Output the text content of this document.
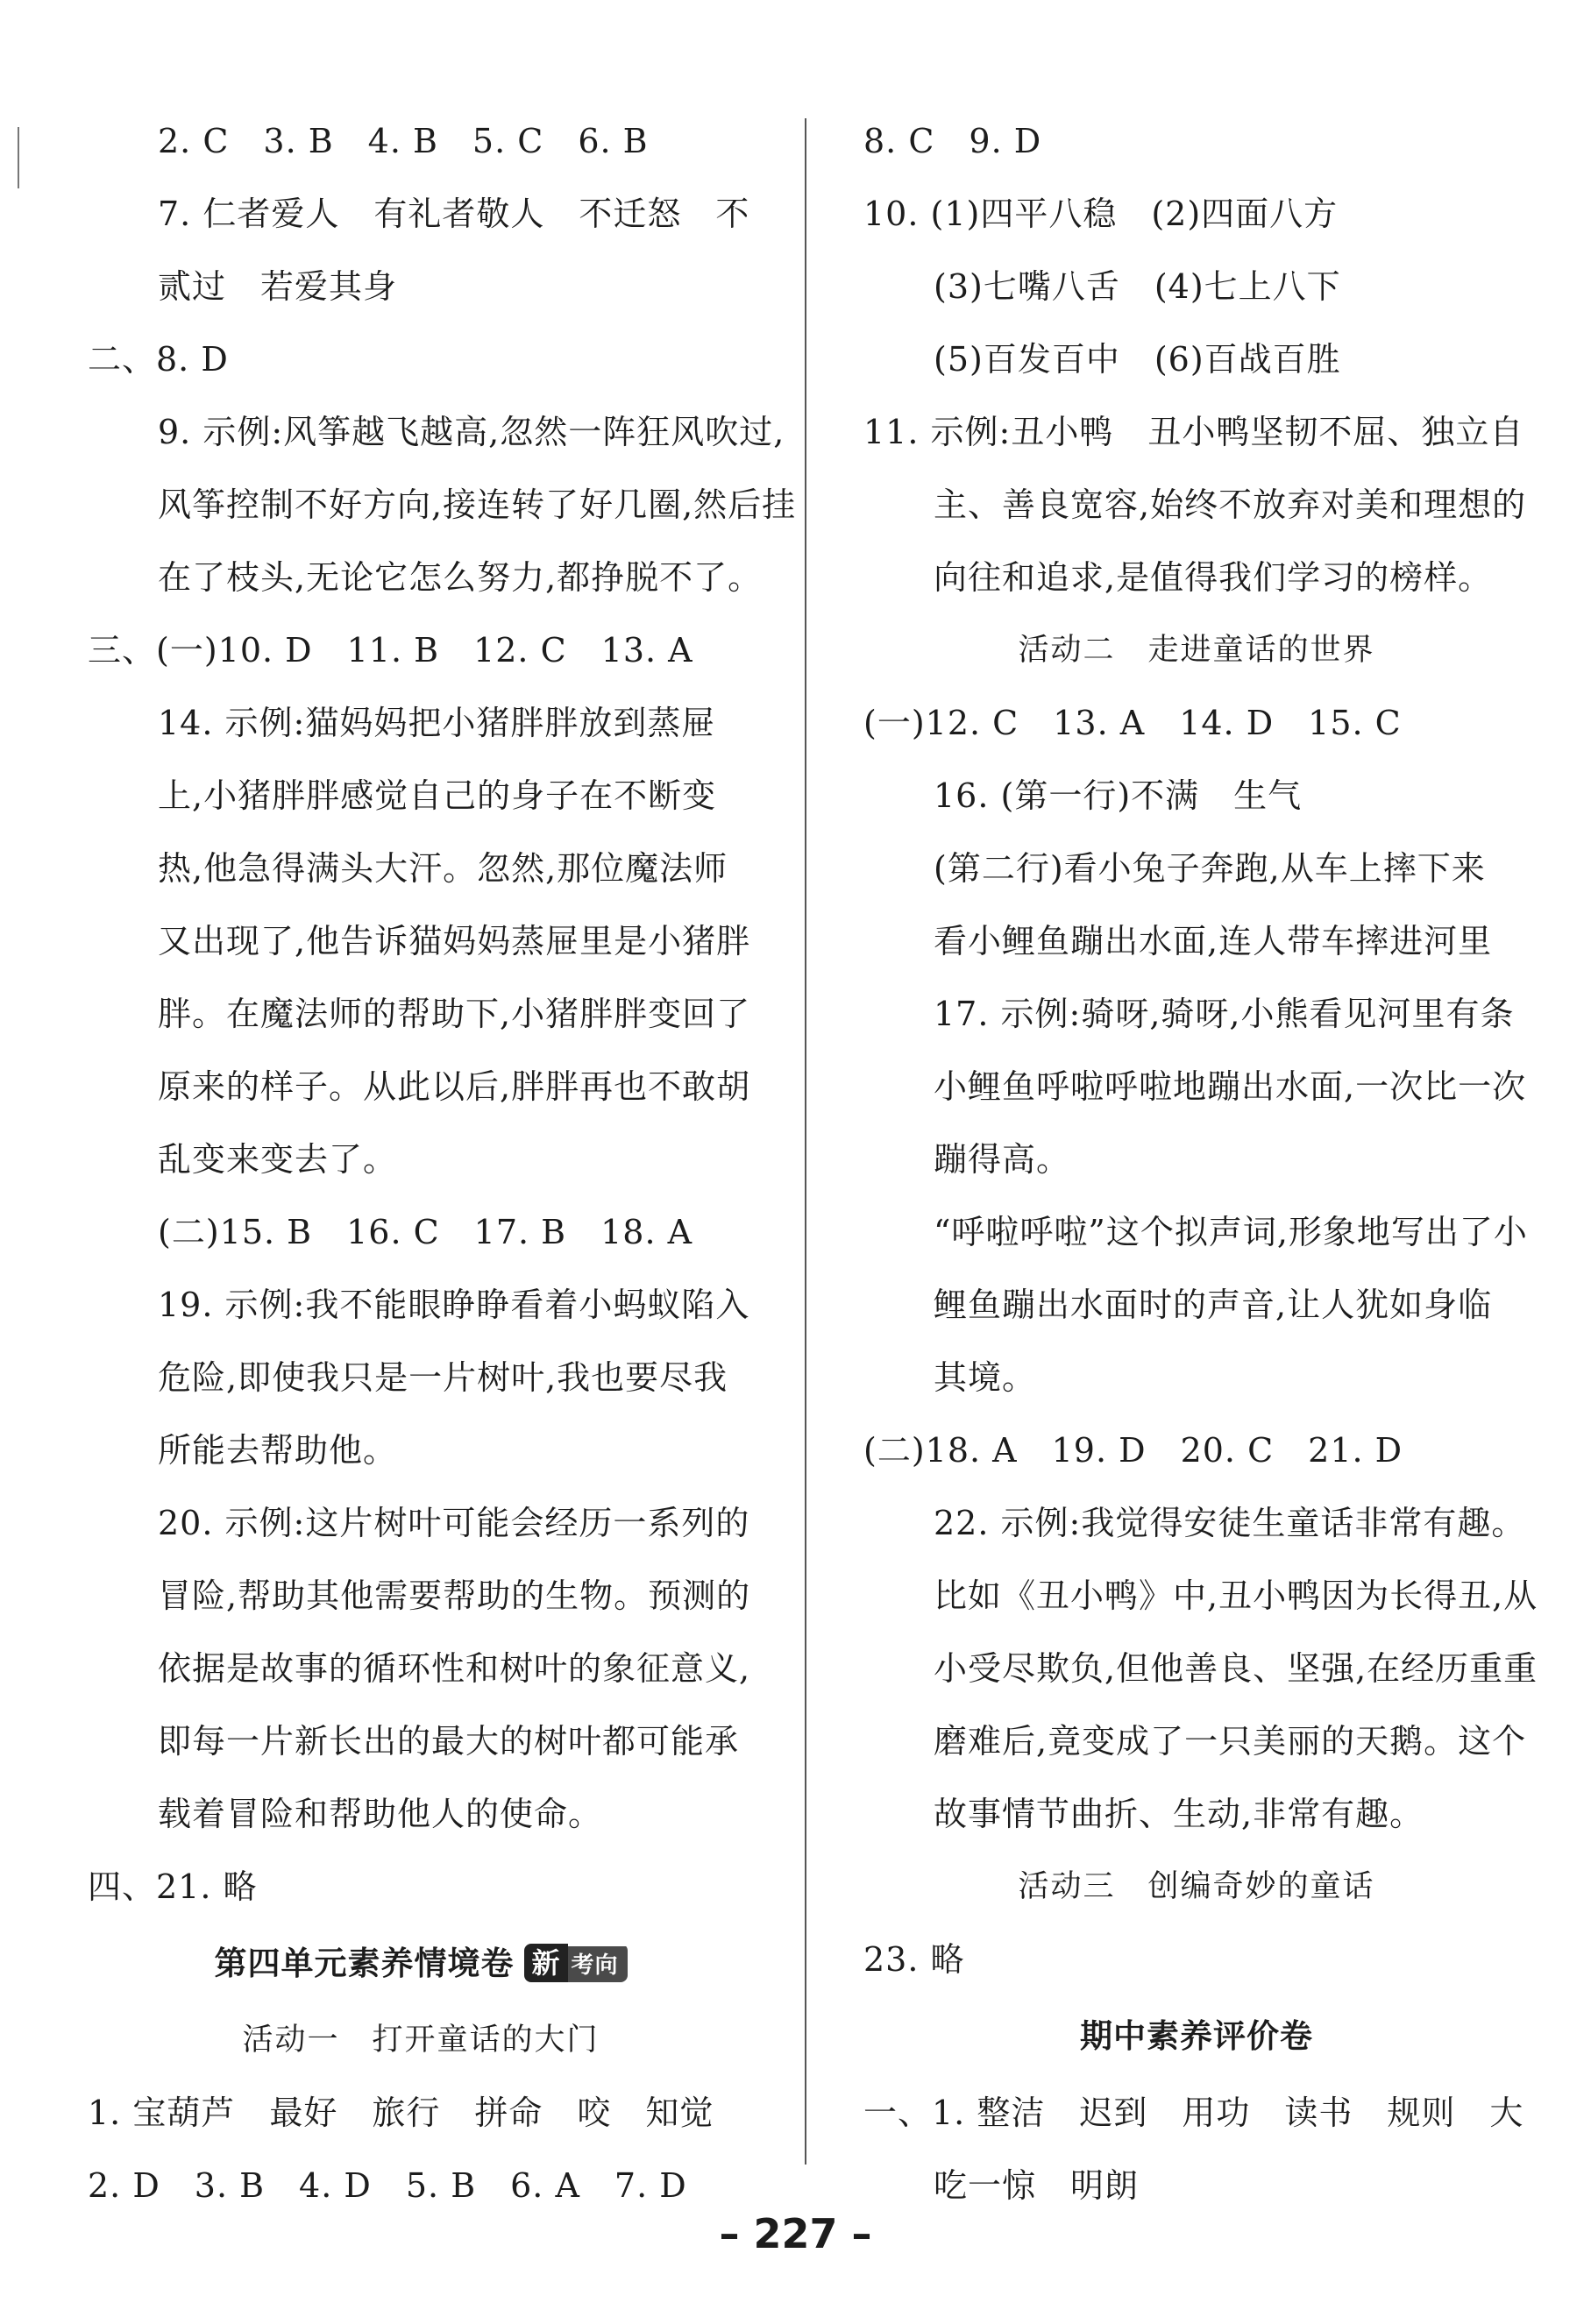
2. C　3. B　4. B　5. C　6. B
7. 仁者爱人　有礼者敬人　不迁怒　不
贰过　若爱其身
二、8. D
9. 示例:风筝越飞越高,忽然一阵狂风吹过,
风筝控制不好方向,接连转了好几圈,然后挂
在了枝头,无论它怎么努力,都挣脱不了。
三、(一)10. D　11. B　12. C　13. A
14. 示例:猫妈妈把小猪胖胖放到蒸屉
上,小猪胖胖感觉自己的身子在不断变
热,他急得满头大汗。忽然,那位魔法师
又出现了,他告诉猫妈妈蒸屉里是小猪胖
胖。在魔法师的帮助下,小猪胖胖变回了
原来的样子。从此以后,胖胖再也不敢胡
乱变来变去了。
(二)15. B　16. C　17. B　18. A
19. 示例:我不能眼睁睁看着小蚂蚁陷入
危险,即使我只是一片树叶,我也要尽我
所能去帮助他。
20. 示例:这片树叶可能会经历一系列的
冒险,帮助其他需要帮助的生物。预测的
依据是故事的循环性和树叶的象征意义,
即每一片新长出的最大的树叶都可能承
载着冒险和帮助他人的使命。
四、21. 略
第四单元素养情境卷 新 考向
活动一　打开童话的大门
1. 宝葫芦　最好　旅行　拼命　咬　知觉
2. D　3. B　4. D　5. B　6. A　7. D
8. C　9. D
10. (1)四平八稳　(2)四面八方
(3)七嘴八舌　(4)七上八下
(5)百发百中　(6)百战百胜
11. 示例:丑小鸭　丑小鸭坚韧不屈、独立自
主、善良宽容,始终不放弃对美和理想的
向往和追求,是值得我们学习的榜样。
活动二　走进童话的世界
(一)12. C　13. A　14. D　15. C
16. (第一行)不满　生气
(第二行)看小兔子奔跑,从车上摔下来
看小鲤鱼蹦出水面,连人带车摔进河里
17. 示例:骑呀,骑呀,小熊看见河里有条
小鲤鱼呼啦呼啦地蹦出水面,一次比一次
蹦得高。
“呼啦呼啦”这个拟声词,形象地写出了小
鲤鱼蹦出水面时的声音,让人犹如身临
其境。
(二)18. A　19. D　20. C　21. D
22. 示例:我觉得安徒生童话非常有趣。
比如《丑小鸭》中,丑小鸭因为长得丑,从
小受尽欺负,但他善良、坚强,在经历重重
磨难后,竟变成了一只美丽的天鹅。这个
故事情节曲折、生动,非常有趣。
活动三　创编奇妙的童话
23. 略
期中素养评价卷
一、1. 整洁　迟到　用功　读书　规则　大
吃一惊　明朗
– 227 –
